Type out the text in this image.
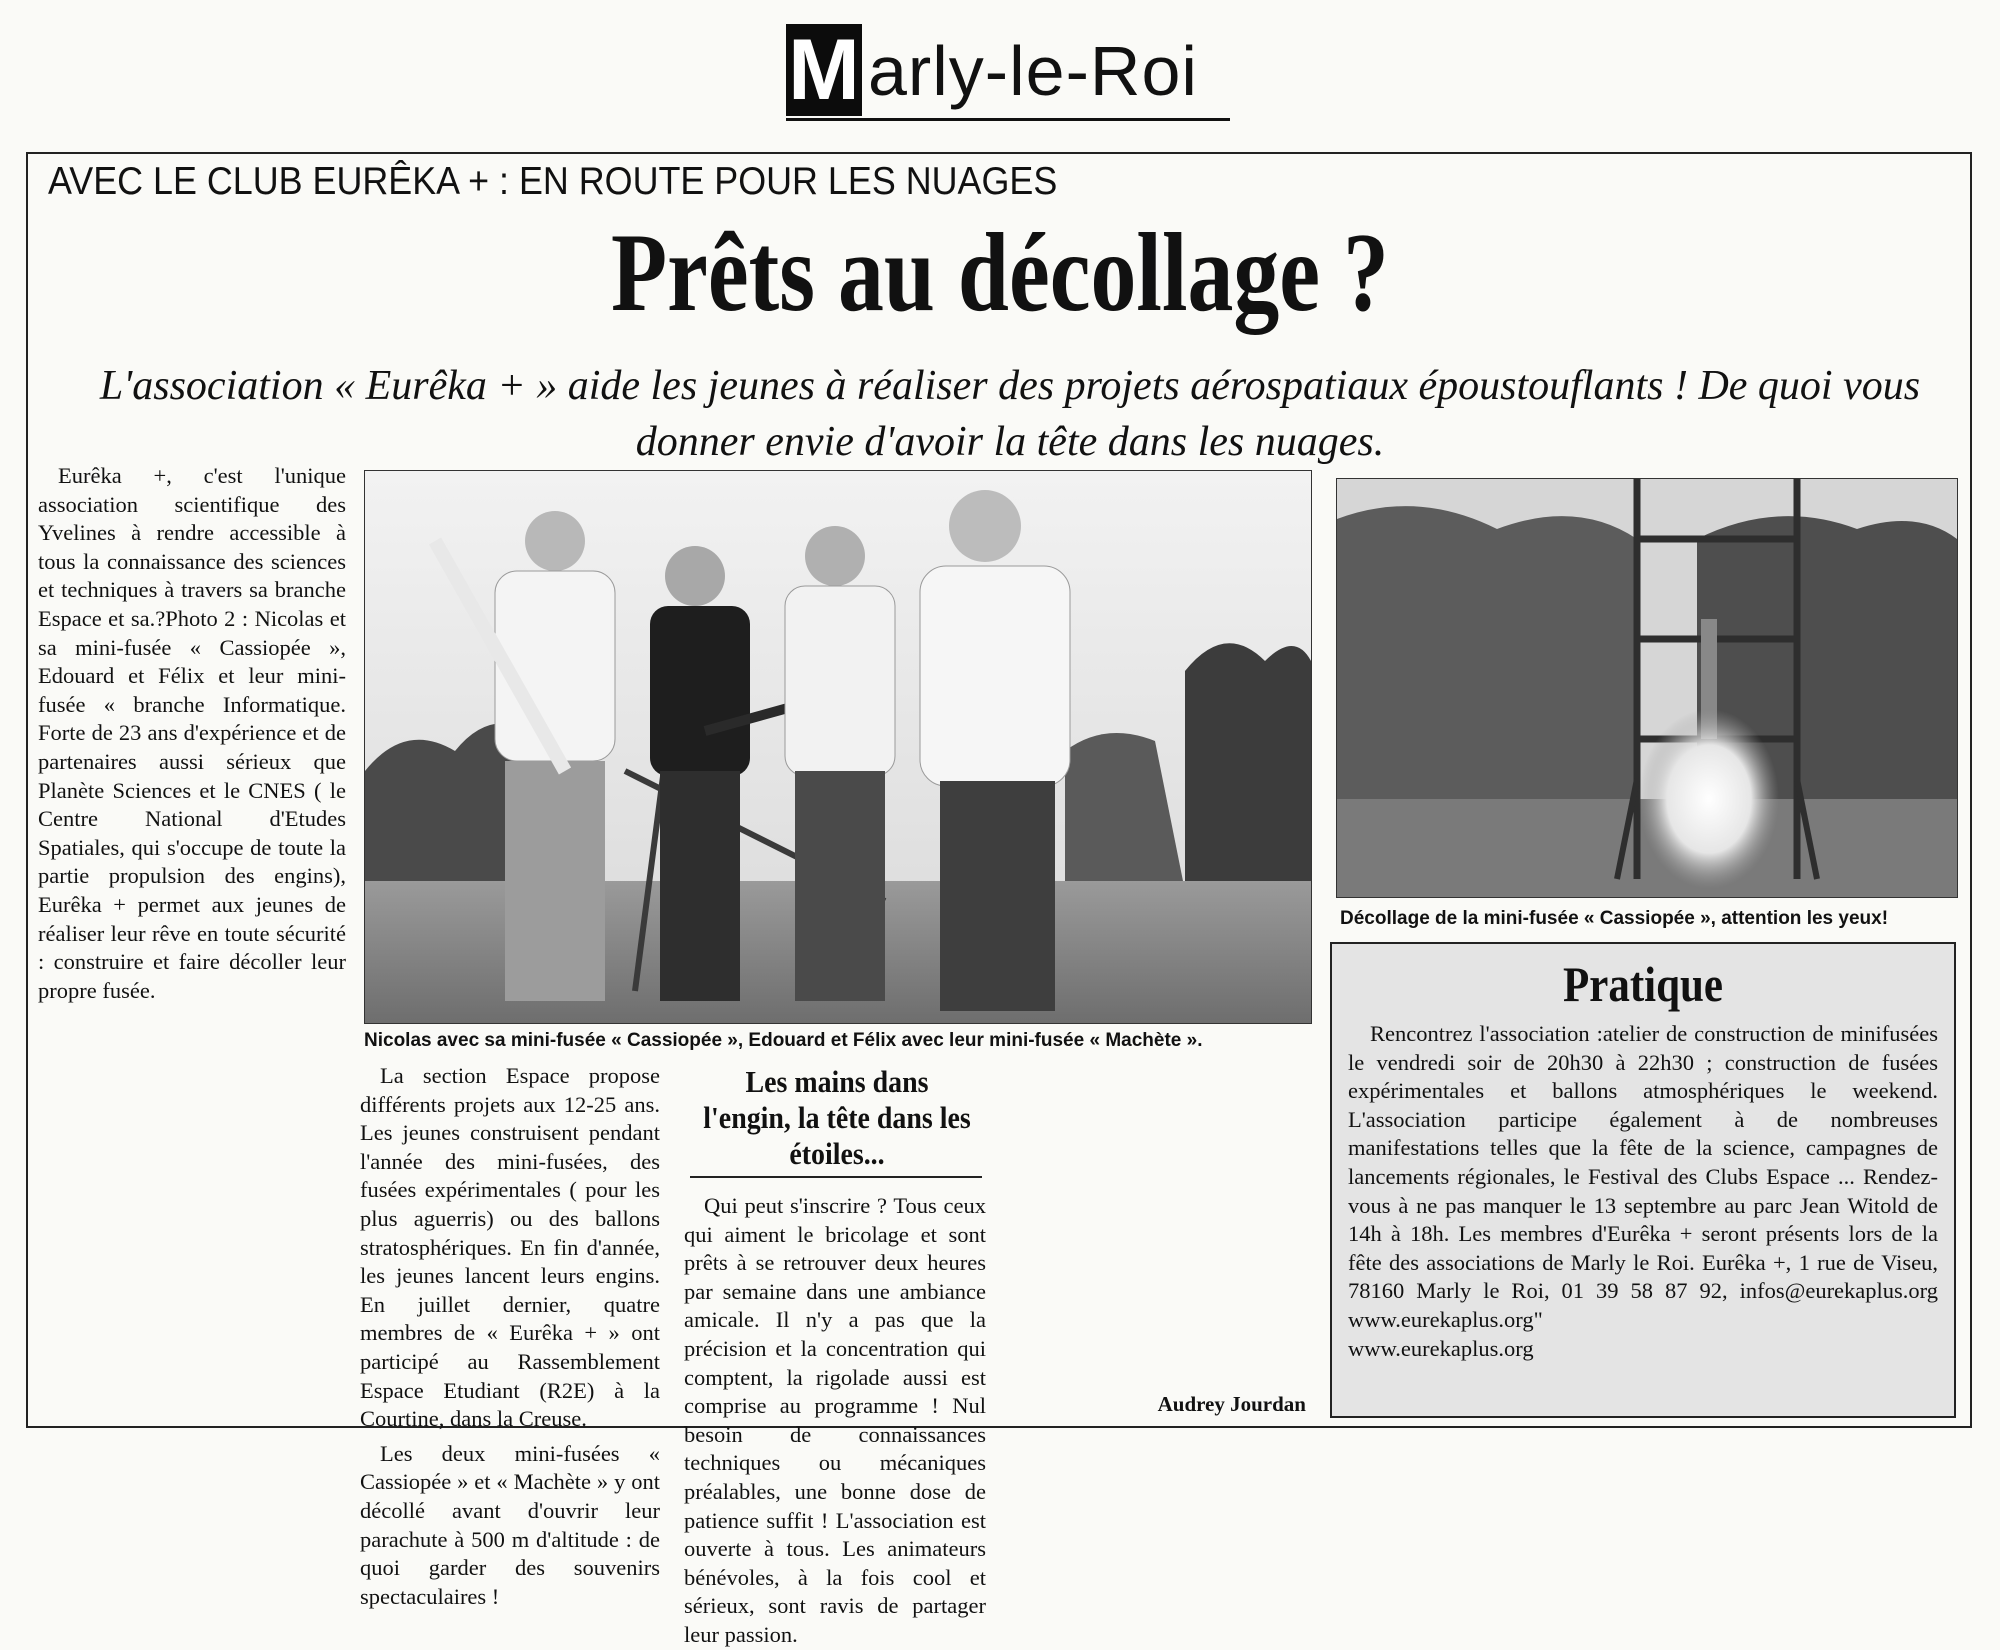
M arly-le-Roi
AVEC LE CLUB EURÊKA + : EN ROUTE POUR LES NUAGES
Prêts au décollage ?
L'association « Eurêka + » aide les jeunes à réaliser des projets aérospatiaux époustouflants ! De quoi vous donner envie d'avoir la tête dans les nuages.

Eurêka +, c'est l'unique association scientifique des Yvelines à rendre accessible à tous la connaissance des sciences et techniques à travers sa branche Espace et sa.?Photo 2 : Nicolas et sa mini-fusée « Cassiopée », Edouard et Félix et leur mini-fusée « branche Informatique. Forte de 23 ans d'expérience et de partenaires aussi sérieux que Planète Sciences et le CNES ( le Centre National d'Etudes Spatiales, qui s'occupe de toute la partie propulsion des engins), Eurêka + permet aux jeunes de réaliser leur rêve en toute sécurité : construire et faire décoller leur propre fusée.

La section Espace propose différents projets aux 12-25 ans. Les jeunes construisent pendant l'année des mini-fusées, des fusées expérimentales ( pour les plus aguerris) ou des ballons stratosphériques. En fin d'année, les jeunes lancent leurs engins. En juillet dernier, quatre membres de « Eurêka + » ont participé au Rassemblement Espace Etudiant (R2E) à la Courtine, dans la Creuse.

Les deux mini-fusées « Cassiopée » et « Machète » y ont décollé avant d'ouvrir leur parachute à 500 m d'altitude : de quoi garder des souvenirs spectaculaires !

Les mains dans l'engin, la tête dans les étoiles...

Qui peut s'inscrire ? Tous ceux qui aiment le bricolage et sont prêts à se retrouver deux heures par semaine dans une ambiance amicale. Il n'y a pas que la précision et la concentration qui comptent, la rigolade aussi est comprise au programme ! Nul besoin de connaissances techniques ou mécaniques préalables, une bonne dose de patience suffit ! L'association est ouverte à tous. Les animateurs bénévoles, à la fois cool et sérieux, sont ravis de partager leur passion.

Audrey Jourdan
Nicolas avec sa mini-fusée « Cassiopée », Edouard et Félix avec leur mini-fusée « Machète ».
Décollage de la mini-fusée « Cassiopée », attention les yeux!
Pratique

Rencontrez l'association :atelier de construction de minifusées le vendredi soir de 20h30 à 22h30 ; construction de fusées expérimentales et ballons atmosphériques le weekend. L'association participe également à de nombreuses manifestations telles que la fête de la science, campagnes de lancements régionales, le Festival des Clubs Espace ... Rendez-vous à ne pas manquer le 13 septembre au parc Jean Witold de 14h à 18h. Les membres d'Eurêka + seront présents lors de la fête des associations de Marly le Roi. Eurêka +, 1 rue de Viseu, 78160 Marly le Roi, 01 39 58 87 92, infos@eurekaplus.org www.eurekaplus.org"

www.eurekaplus.org
